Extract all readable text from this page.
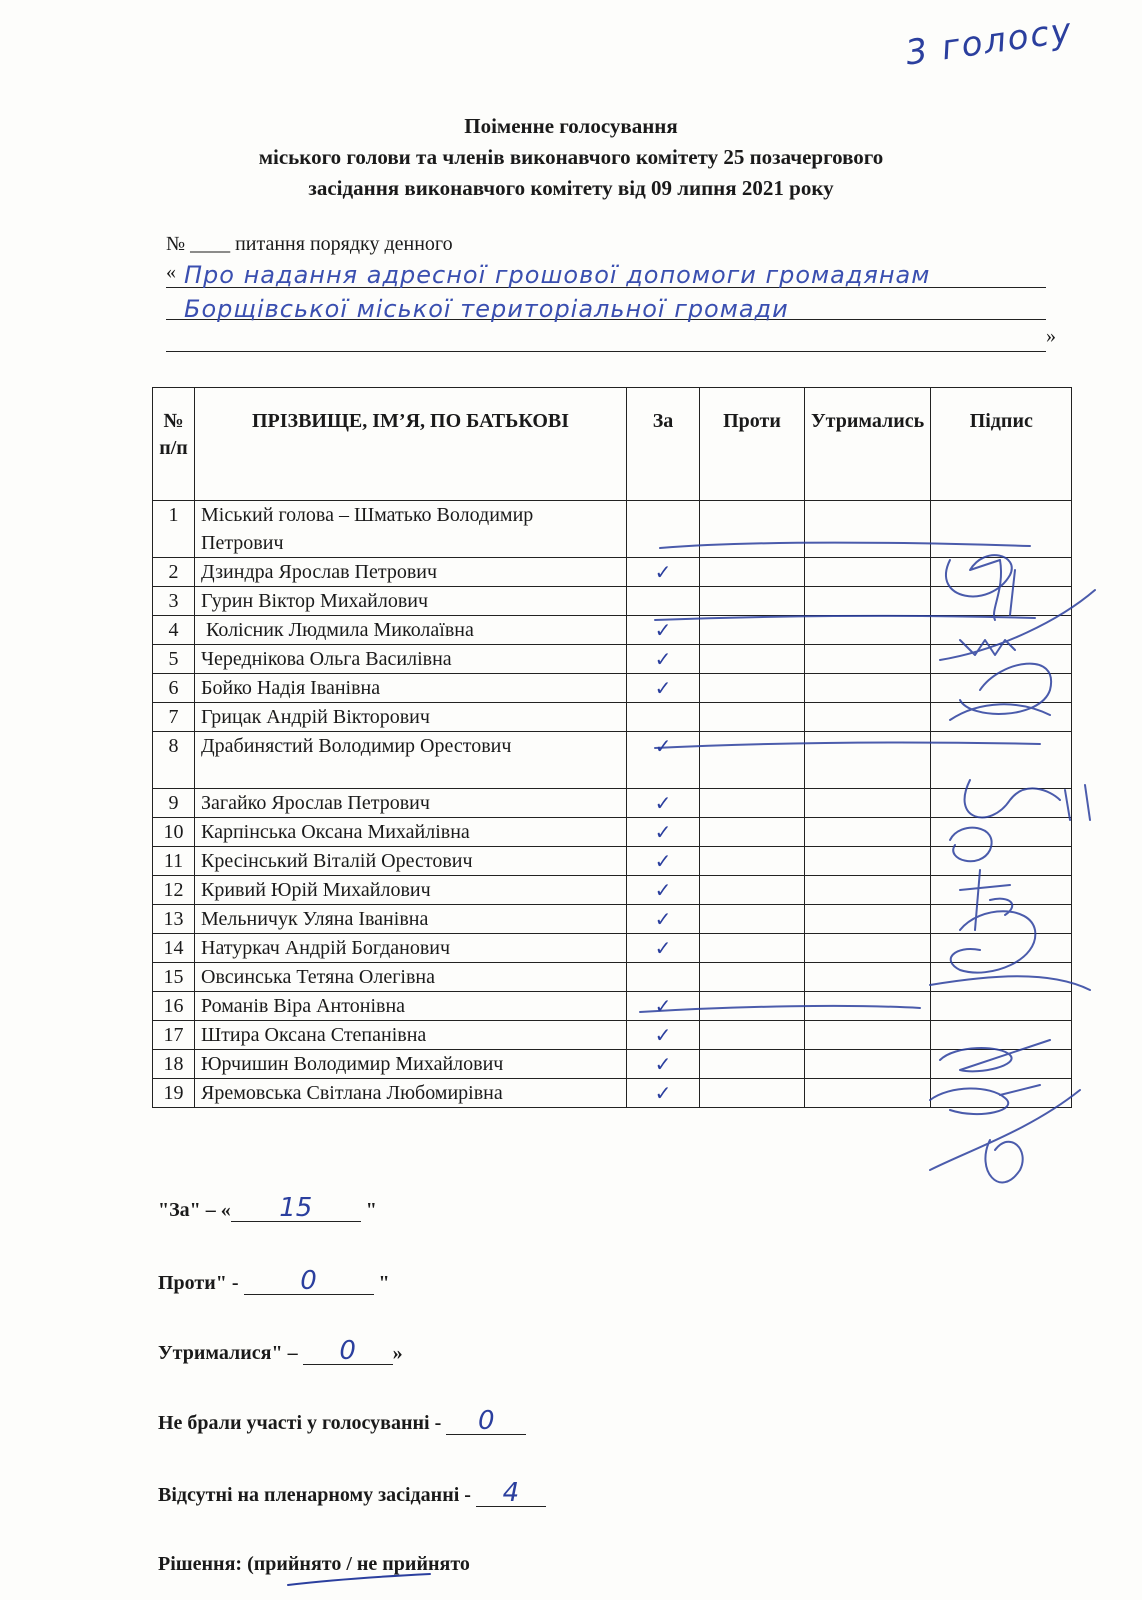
3 голосу
Поіменне голосування
міського голови та членів виконавчого комітету 25 позачергового
засідання виконавчого комітету від 09 липня 2021 року
№ ____ питання порядку денного
« Про надання адресної грошової допомоги громадянам Борщівської міської територіальної громади
»
№ п/п	ПРІЗВИЩЕ, ІМ’Я, ПО БАТЬКОВІ	За	Проти	Утримались	Підпис
1	Міський голова – Шматько Володимир Петрович				
2	Дзиндра Ярослав Петрович	✓			
3	Гурин Віктор Михайлович				
4	Колісник Людмила Миколаївна	✓			
5	Череднікова Ольга Василівна	✓			
6	Бойко Надія Іванівна	✓			
7	Грицак Андрій Вікторович				
8	Драбинястий Володимир Орестович	✓			
9	Загайко Ярослав Петрович	✓			
10	Карпінська Оксана Михайлівна	✓			
11	Кресінський Віталій Орестович	✓			
12	Кривий Юрій Михайлович	✓			
13	Мельничук Уляна Іванівна	✓			
14	Натуркач Андрій Богданович	✓			
15	Овсинська Тетяна Олегівна				
16	Романів Віра Антонівна	✓			
17	Штира Оксана Степанівна	✓			
18	Юрчишин Володимир Михайлович	✓			
19	Яремовська Світлана Любомирівна	✓			
"За" – « 15 "
Проти" - 0	"
Утрималися" – 0 »
Не брали участі у голосуванні - 0
Відсутні на пленарному засіданні - 4
Рішення: (прийнято / не прийнято
